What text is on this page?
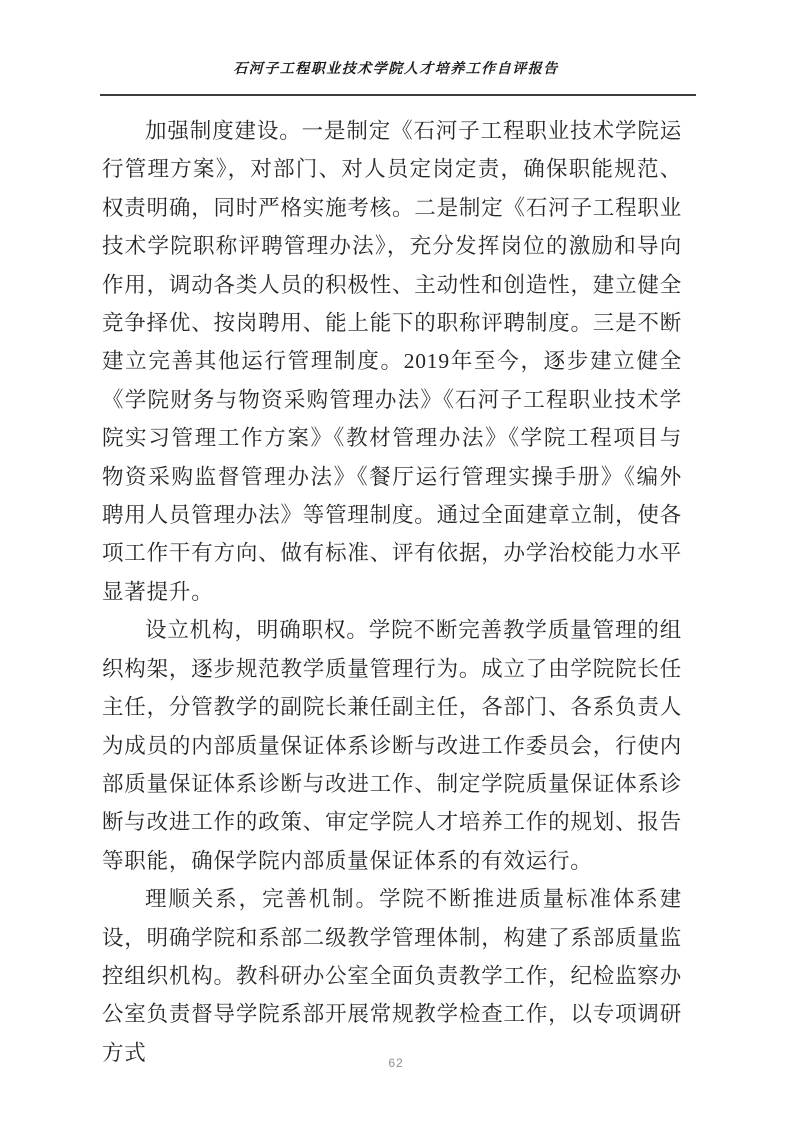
石河子工程职业技术学院人才培养工作自评报告

加强制度建设。一是制定《石河子工程职业技术学院运行管理方案》，对部门、对人员定岗定责，确保职能规范、权责明确，同时严格实施考核。二是制定《石河子工程职业技术学院职称评聘管理办法》，充分发挥岗位的激励和导向作用，调动各类人员的积极性、主动性和创造性，建立健全竞争择优、按岗聘用、能上能下的职称评聘制度。三是不断建立完善其他运行管理制度。2019年至今，逐步建立健全《学院财务与物资采购管理办法》《石河子工程职业技术学院实习管理工作方案》《教材管理办法》《学院工程项目与物资采购监督管理办法》《餐厅运行管理实操手册》《编外聘用人员管理办法》等管理制度。通过全面建章立制，使各项工作干有方向、做有标准、评有依据，办学治校能力水平显著提升。

设立机构，明确职权。学院不断完善教学质量管理的组织构架，逐步规范教学质量管理行为。成立了由学院院长任主任，分管教学的副院长兼任副主任，各部门、各系负责人为成员的内部质量保证体系诊断与改进工作委员会，行使内部质量保证体系诊断与改进工作、制定学院质量保证体系诊断与改进工作的政策、审定学院人才培养工作的规划、报告等职能，确保学院内部质量保证体系的有效运行。

理顺关系，完善机制。学院不断推进质量标准体系建设，明确学院和系部二级教学管理体制，构建了系部质量监控组织机构。教科研办公室全面负责教学工作，纪检监察办公室负责督导学院系部开展常规教学检查工作，以专项调研方式	62
